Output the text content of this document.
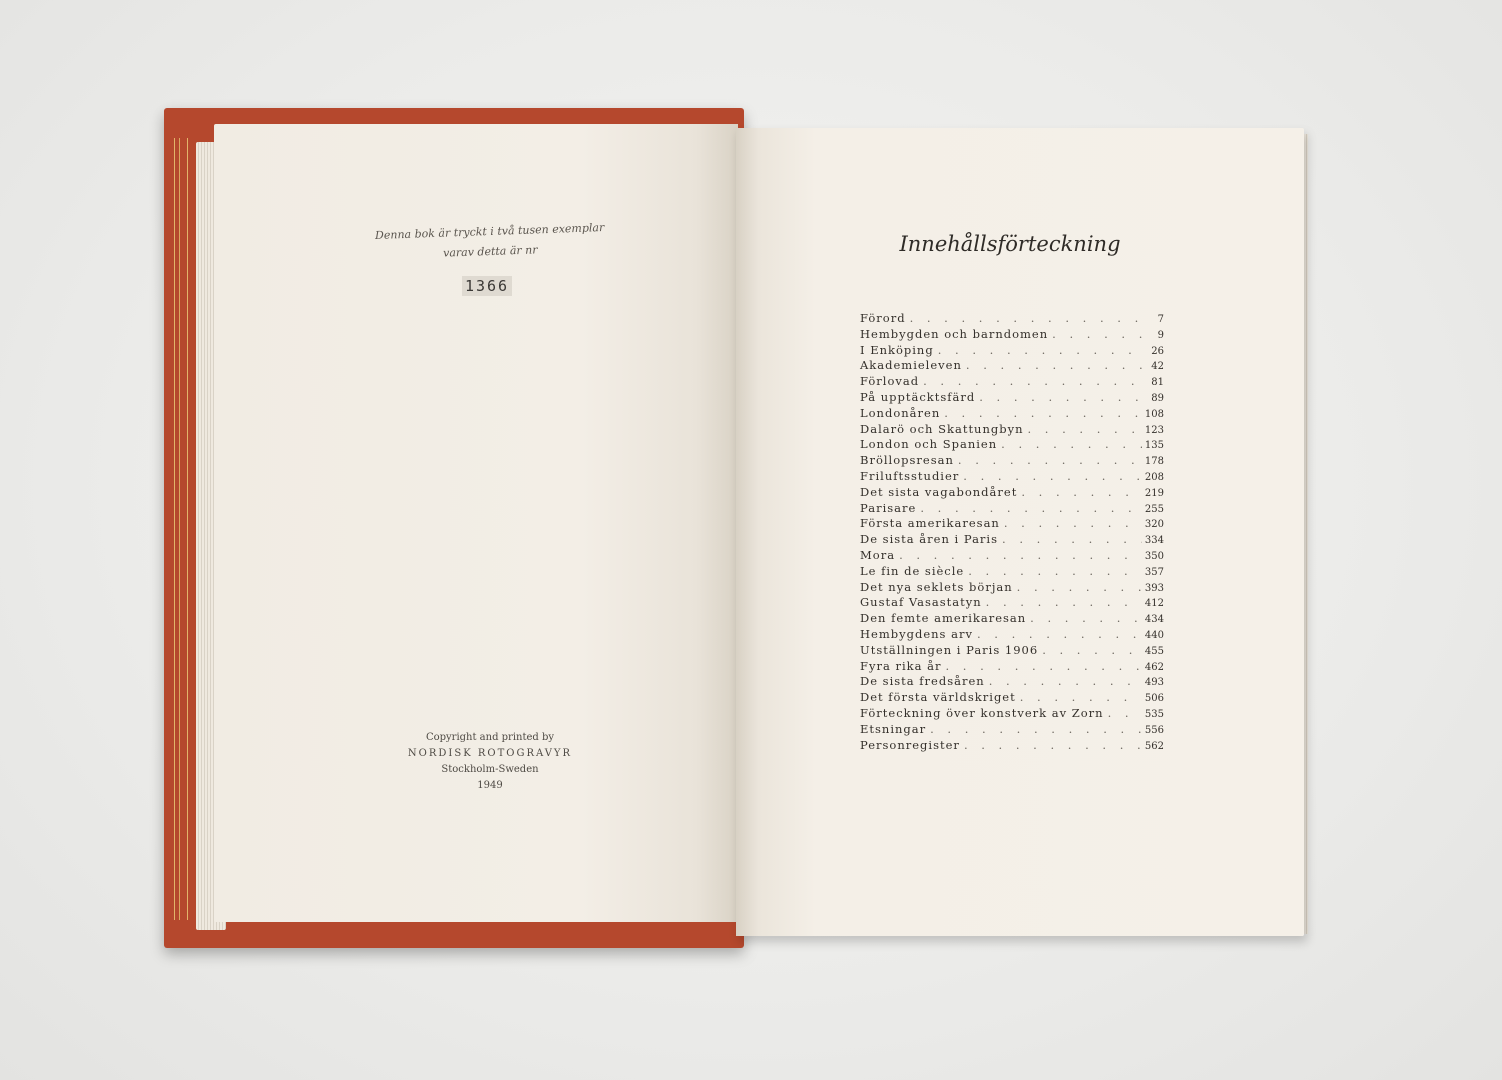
Denna bok är tryckt i två tusen exemplar
varav detta är nr
1366
Copyright and printed by
NORDISK ROTOGRAVYR
Stockholm-Sweden
1949
Innehållsförteckning
Förord . . .	7
Hembygden och barndomen . . .	9
I Enköping . . .	26
Akademieleven . . .	42
Förlovad . . .	81
På upptäcktsfärd . . .	89
Londonåren . . .	108
Dalarö och Skattungbyn . . .	123
London och Spanien . . .	135
Bröllopsresan . . .	178
Friluftsstudier . . .	208
Det sista vagabondåret . . .	219
Parisare . . .	255
Första amerikaresan . . .	320
De sista åren i Paris . . .	334
Mora . . .	350
Le fin de siècle . . .	357
Det nya seklets början . . .	393
Gustaf Vasastatyn . . .	412
Den femte amerikaresan . . .	434
Hembygdens arv . . .	440
Utställningen i Paris 1906 . . .	455
Fyra rika år . . .	462
De sista fredsåren . . .	493
Det första världskriget . . .	506
Förteckning över konstverk av Zorn . . .	535
Etsningar . . .	556
Personregister . . .	562
